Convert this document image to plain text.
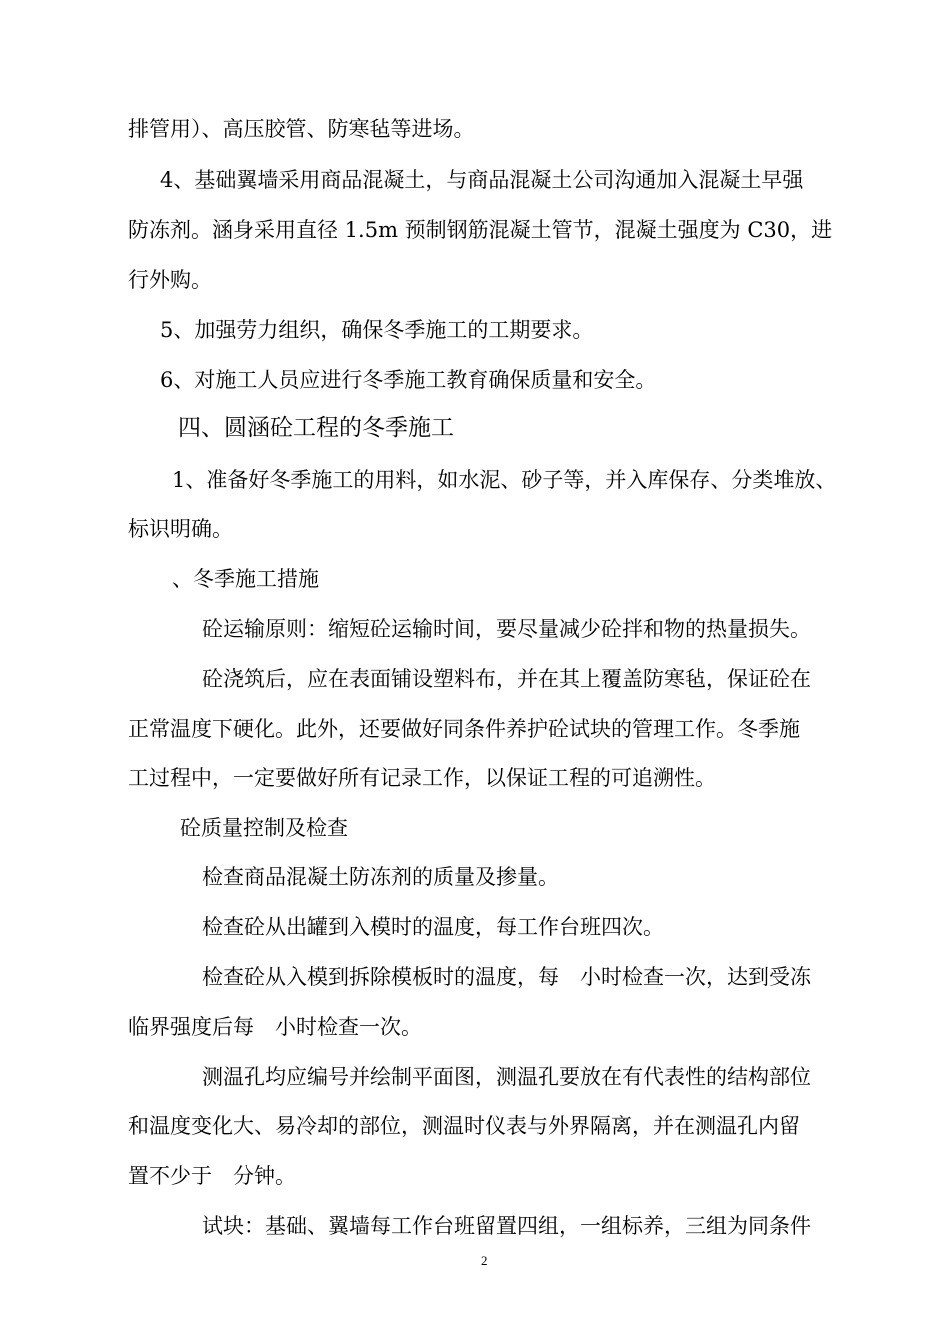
排管用）、高压胶管、防寒毡等进场。
4、基础翼墙采用商品混凝土，与商品混凝土公司沟通加入混凝土早强
防冻剂。涵身采用直径 1.5m 预制钢筋混凝土管节，混凝土强度为 C30，进
行外购。
5、加强劳力组织，确保冬季施工的工期要求。
6、对施工人员应进行冬季施工教育确保质量和安全。
四、圆涵砼工程的冬季施工
1、准备好冬季施工的用料，如水泥、砂子等，并入库保存、分类堆放、
标识明确。
、冬季施工措施
砼运输原则：缩短砼运输时间，要尽量减少砼拌和物的热量损失。
砼浇筑后，应在表面铺设塑料布，并在其上覆盖防寒毡，保证砼在
正常温度下硬化。此外，还要做好同条件养护砼试块的管理工作。冬季施
工过程中，一定要做好所有记录工作，以保证工程的可追溯性。
砼质量控制及检查
检查商品混凝土防冻剂的质量及掺量。
检查砼从出罐到入模时的温度，每工作台班四次。
检查砼从入模到拆除模板时的温度，每　小时检查一次，达到受冻
临界强度后每　小时检查一次。
测温孔均应编号并绘制平面图，测温孔要放在有代表性的结构部位
和温度变化大、易冷却的部位，测温时仪表与外界隔离，并在测温孔内留
置不少于　分钟。
试块：基础、翼墙每工作台班留置四组，一组标养，三组为同条件
2
